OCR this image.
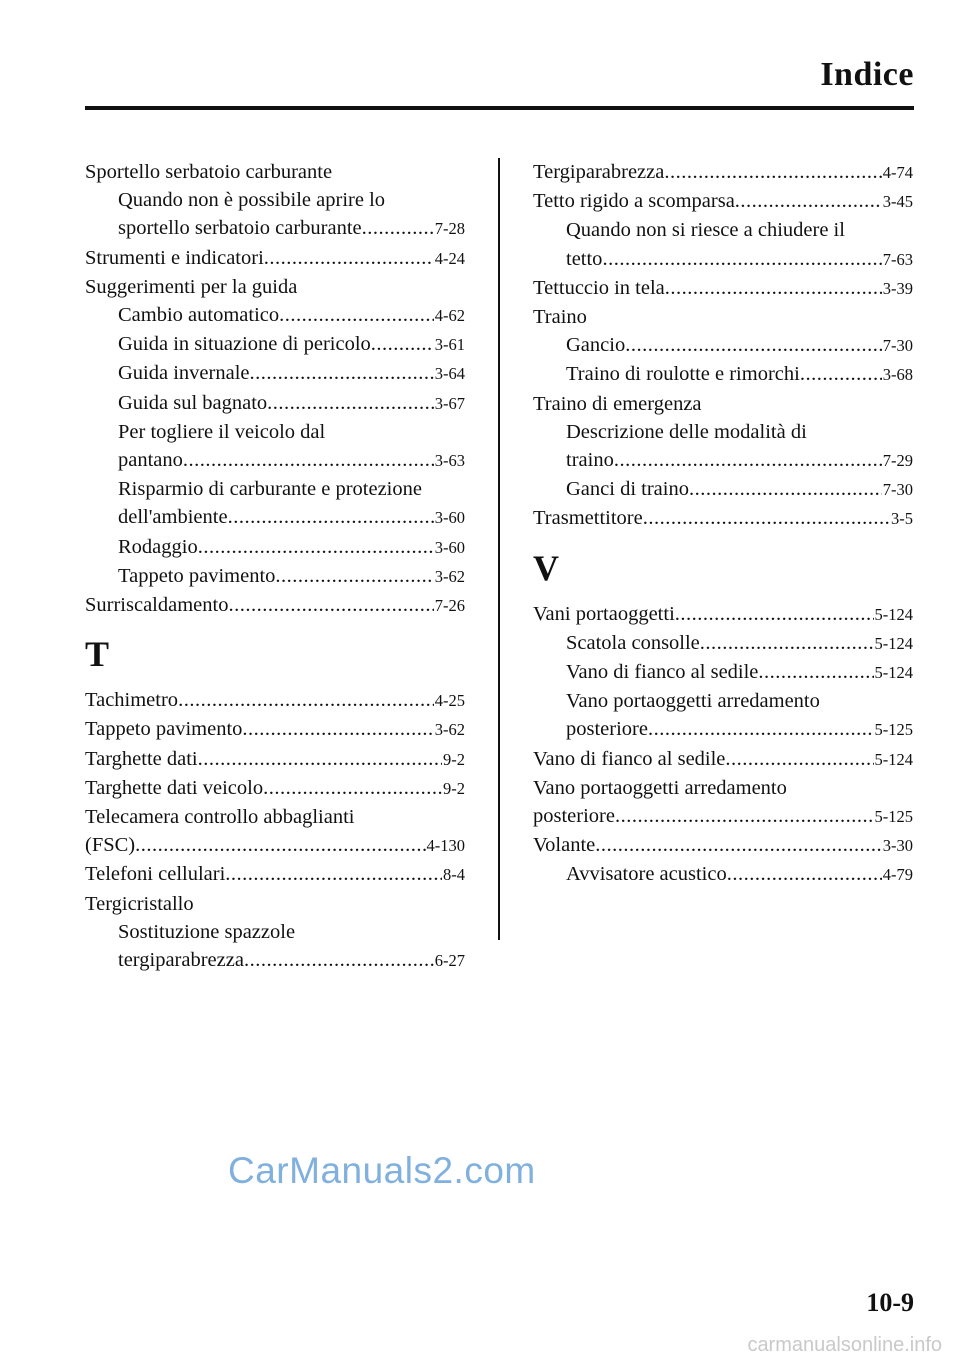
Indice
Sportello serbatoio carburante
Quando non è possibile aprire lo
sportello serbatoio carburante .....	7-28
Strumenti e indicatori .....	4-24
Suggerimenti per la guida
Cambio automatico .....	4-62
Guida in situazione di pericolo .....	3-61
Guida invernale .....	3-64
Guida sul bagnato .....	3-67
Per togliere il veicolo dal
pantano .....	3-63
Risparmio di carburante e protezione
dell'ambiente .....	3-60
Rodaggio .....	3-60
Tappeto pavimento .....	3-62
Surriscaldamento .....	7-26
T
Tachimetro .....	4-25
Tappeto pavimento .....	3-62
Targhette dati .....	9-2
Targhette dati veicolo .....	9-2
Telecamera controllo abbaglianti
(FSC) .....	4-130
Telefoni cellulari .....	8-4
Tergicristallo
Sostituzione spazzole
tergiparabrezza .....	6-27
Tergiparabrezza .....	4-74
Tetto rigido a scomparsa .....	3-45
Quando non si riesce a chiudere il
tetto .....	7-63
Tettuccio in tela .....	3-39
Traino
Gancio .....	7-30
Traino di roulotte e rimorchi .....	3-68
Traino di emergenza
Descrizione delle modalità di
traino .....	7-29
Ganci di traino .....	7-30
Trasmettitore .....	3-5
V
Vani portaoggetti .....	5-124
Scatola consolle .....	5-124
Vano di fianco al sedile .....	5-124
Vano portaoggetti arredamento
posteriore .....	5-125
Vano di fianco al sedile .....	5-124
Vano portaoggetti arredamento
posteriore .....	5-125
Volante .....	3-30
Avvisatore acustico .....	4-79
CarManuals2.com
10-9
carmanualsonline.info
